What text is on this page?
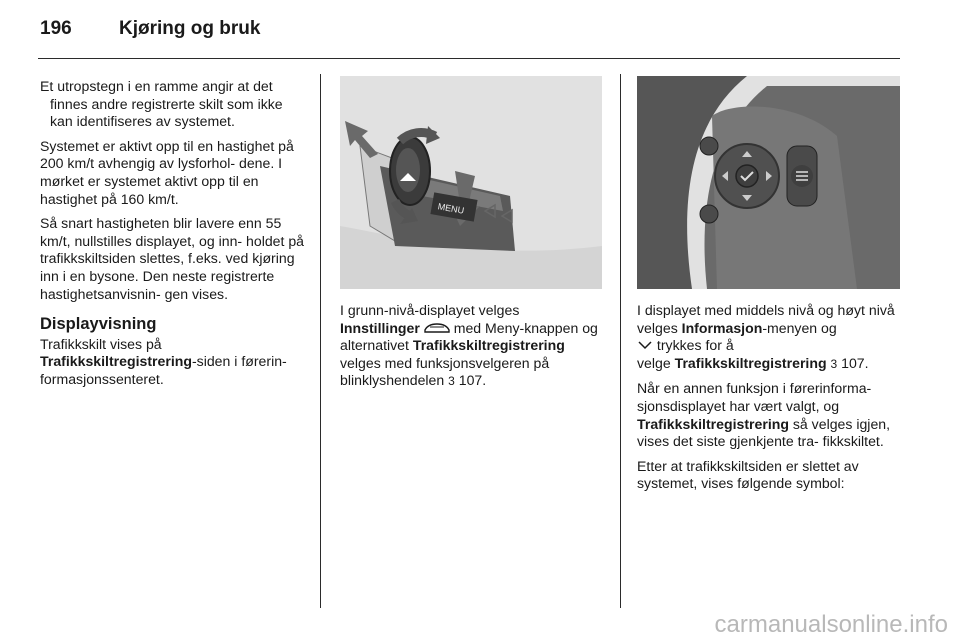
196 Kjøring og bruk

Et utropstegn i en ramme angir at det finnes andre registrerte skilt som ikke kan identifiseres av systemet.

Systemet er aktivt opp til en hastighet på 200 km/t avhengig av lysforhol- dene. I mørket er systemet aktivt opp til en hastighet på 160 km/t.

Så snart hastigheten blir lavere enn 55 km/t, nullstilles displayet, og inn- holdet på trafikkskiltsiden slettes, f.eks. ved kjøring inn i en bysone. Den neste registrerte hastighetsanvisnin- gen vises.

Displayvisning

Trafikkskilt vises på
Trafikkskiltregistrering-siden i førerin- formasjonssenteret.

MENU

I grunn-nivå-displayet velges
Innstillinger  med Meny-knappen og alternativet Trafikkskiltregistrering velges med funksjonsvelgeren på blinklyshendelen 3 107.

I displayet med middels nivå og høyt nivå velges Informasjon-menyen og
trykkes for å
velge Trafikkskiltregistrering 3 107.

Når en annen funksjon i førerinforma- sjonsdisplayet har vært valgt, og Trafikkskiltregistrering så velges igjen, vises det siste gjenkjente tra- fikkskiltet.

Etter at trafikkskiltsiden er slettet av systemet, vises følgende symbol:

carmanualsonline.info
